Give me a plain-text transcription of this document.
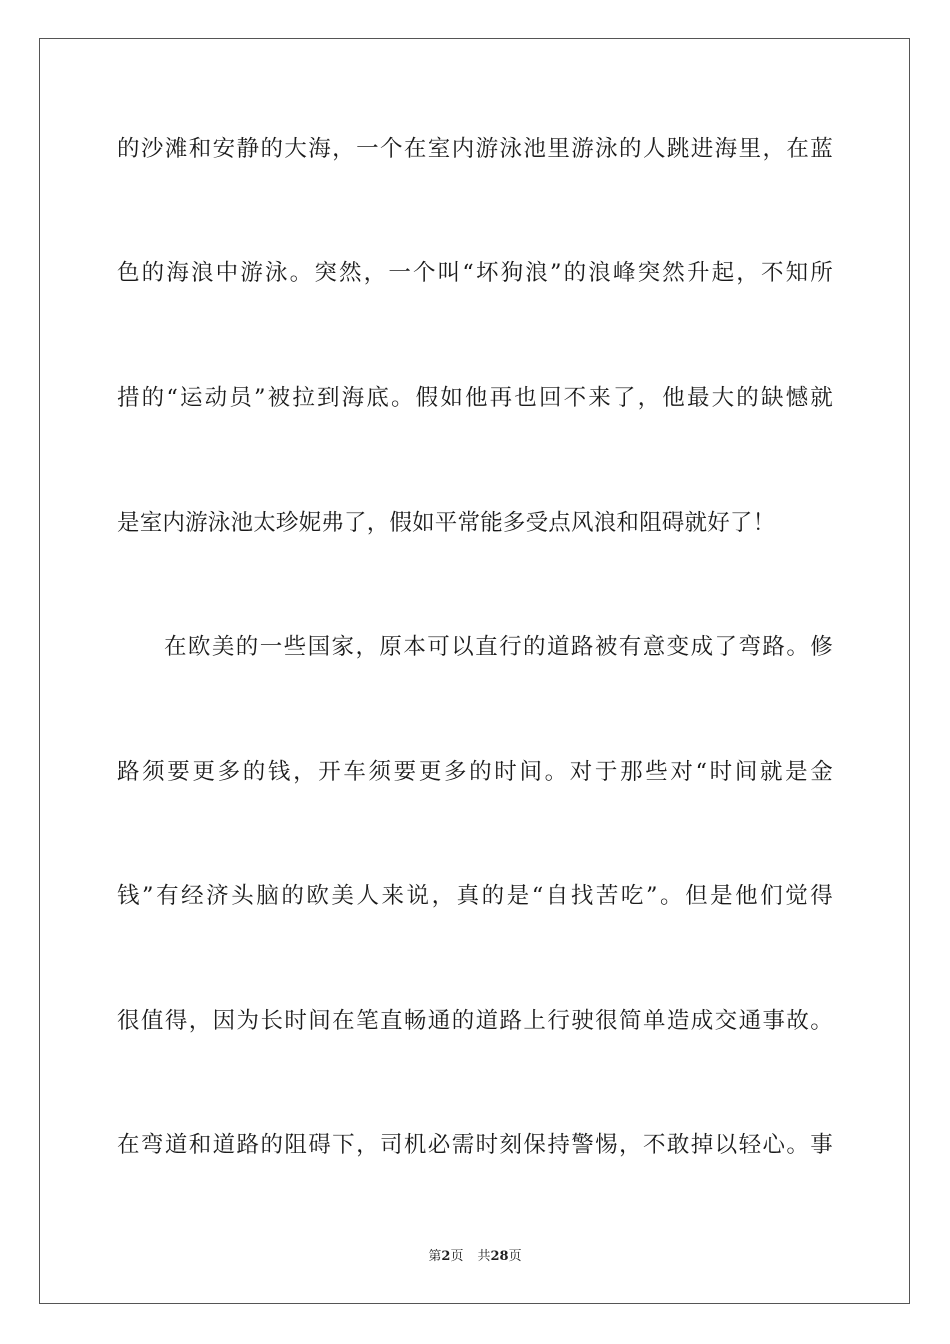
的沙滩和安静的大海，一个在室内游泳池里游泳的人跳进海里，在蓝
色的海浪中游泳。突然，一个叫“坏狗浪”的浪峰突然升起，不知所
措的“运动员”被拉到海底。假如他再也回不来了，他最大的缺憾就
是室内游泳池太珍妮弗了，假如平常能多受点风浪和阻碍就好了！
在欧美的一些国家，原本可以直行的道路被有意变成了弯路。修
路须要更多的钱，开车须要更多的时间。对于那些对“时间就是金
钱”有经济头脑的欧美人来说，真的是“自找苦吃”。但是他们觉得
很值得，因为长时间在笔直畅通的道路上行驶很简单造成交通事故。
在弯道和道路的阻碍下，司机必需时刻保持警惕，不敢掉以轻心。事
第2页 共28页
